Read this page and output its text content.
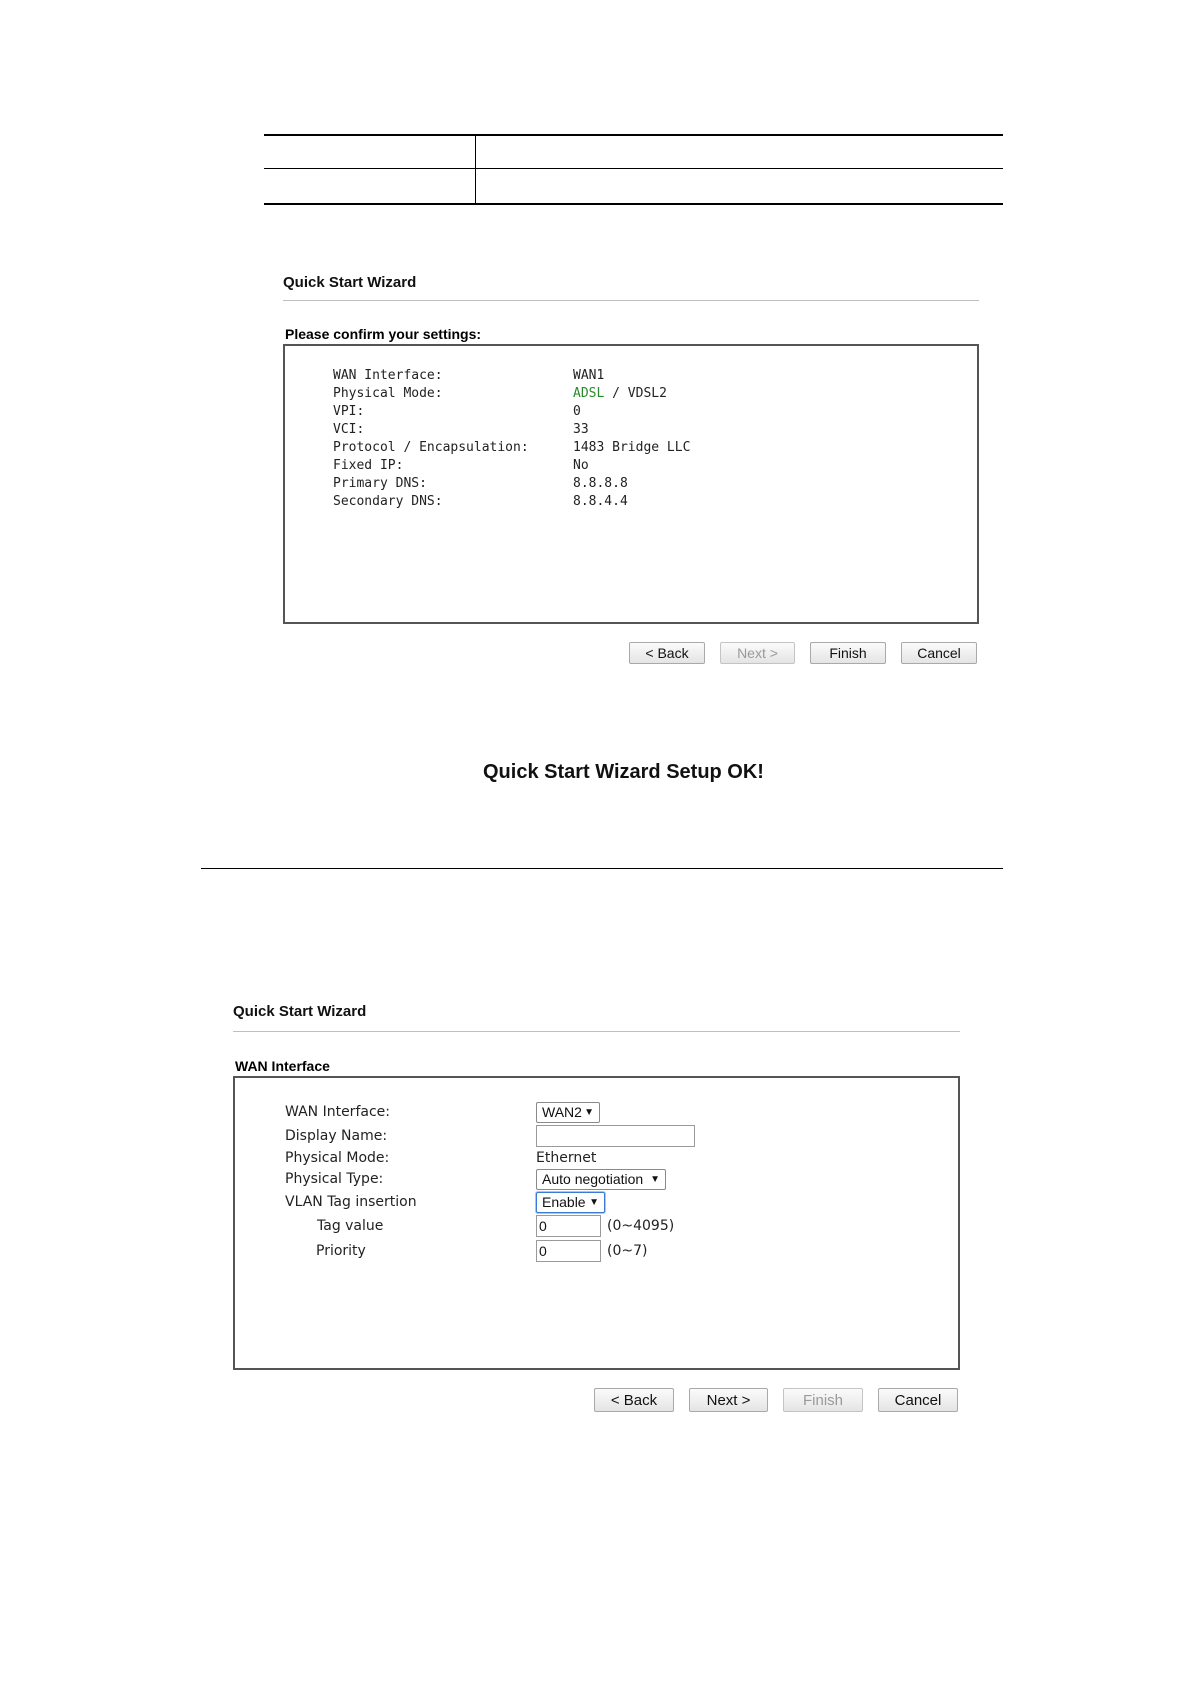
Quick Start Wizard
Please confirm your settings:
WAN Interface:	WAN1
Physical Mode:	ADSL / VDSL2
VPI:	0
VCI:	33
Protocol / Encapsulation:	1483 Bridge LLC
Fixed IP:	No
Primary DNS:	8.8.8.8
Secondary DNS:	8.8.4.4
< Back	Next >	Finish	Cancel
Quick Start Wizard Setup OK!
Quick Start Wizard
WAN Interface
WAN Interface:	WAN2 ▼
Display Name:
Physical Mode:	Ethernet
Physical Type:	Auto negotiation ▼
VLAN Tag insertion	Enable ▼
Tag value	0	(0~4095)
Priority	0	(0~7)
< Back	Next >	Finish	Cancel
